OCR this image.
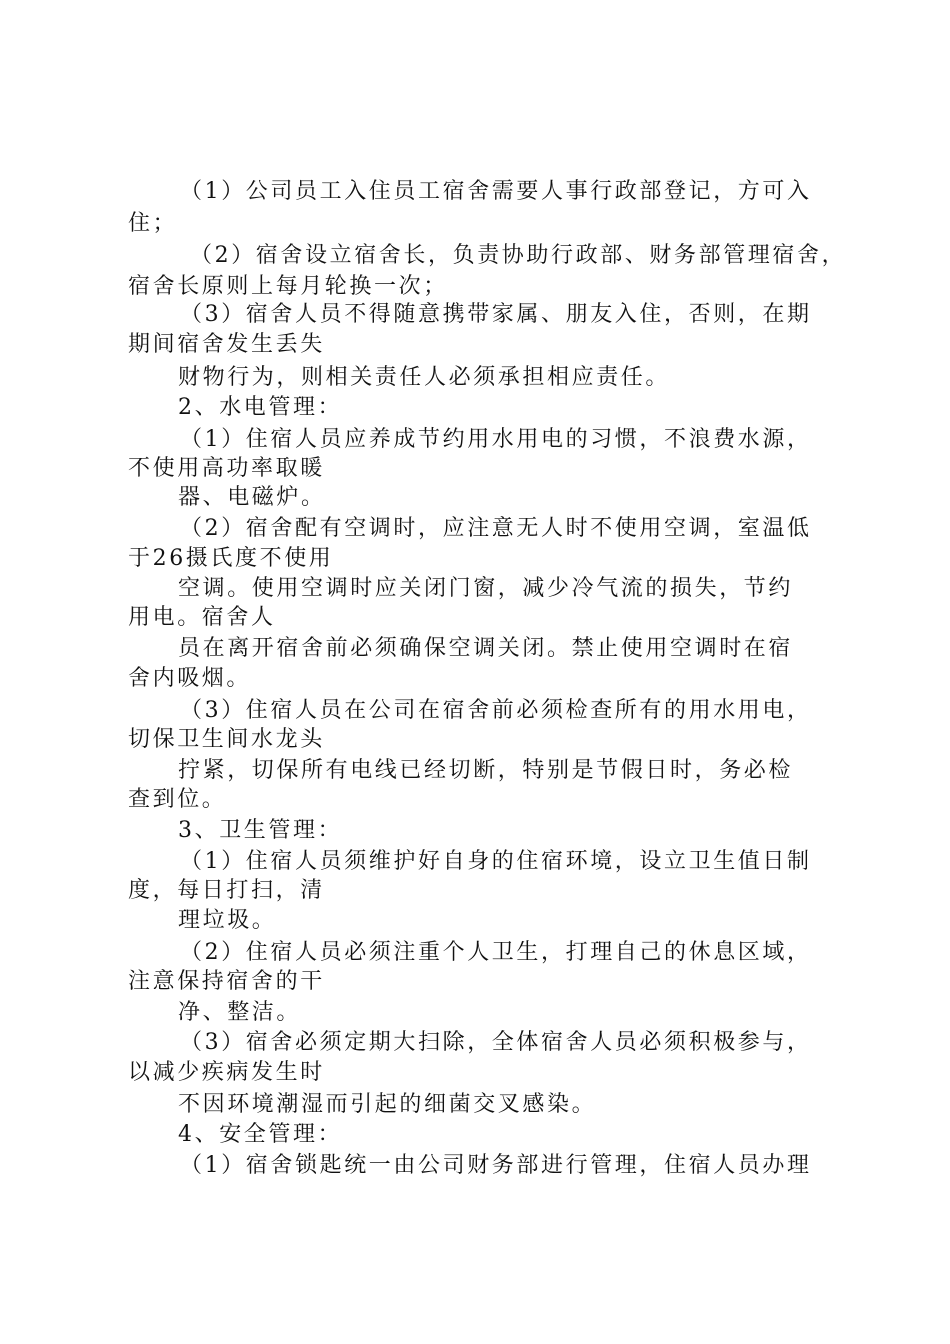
（1）公司员工入住员工宿舍需要人事行政部登记，方可入
住；
（2）宿舍设立宿舍长，负责协助行政部、财务部管理宿舍，
宿舍长原则上每月轮换一次；
（3）宿舍人员不得随意携带家属、朋友入住，否则，在期
期间宿舍发生丢失
财物行为，则相关责任人必须承担相应责任。
2、水电管理：
（1）住宿人员应养成节约用水用电的习惯，不浪费水源，
不使用高功率取暖
器、电磁炉。
（2）宿舍配有空调时，应注意无人时不使用空调，室温低
于26摄氏度不使用
空调。使用空调时应关闭门窗，减少冷气流的损失，节约
用电。宿舍人
员在离开宿舍前必须确保空调关闭。禁止使用空调时在宿
舍内吸烟。
（3）住宿人员在公司在宿舍前必须检查所有的用水用电，
切保卫生间水龙头
拧紧，切保所有电线已经切断，特别是节假日时，务必检
查到位。
3、卫生管理：
（1）住宿人员须维护好自身的住宿环境，设立卫生值日制
度，每日打扫，清
理垃圾。
（2）住宿人员必须注重个人卫生，打理自己的休息区域，
注意保持宿舍的干
净、整洁。
（3）宿舍必须定期大扫除，全体宿舍人员必须积极参与，
以减少疾病发生时
不因环境潮湿而引起的细菌交叉感染。
4、安全管理：
（1）宿舍锁匙统一由公司财务部进行管理，住宿人员办理
